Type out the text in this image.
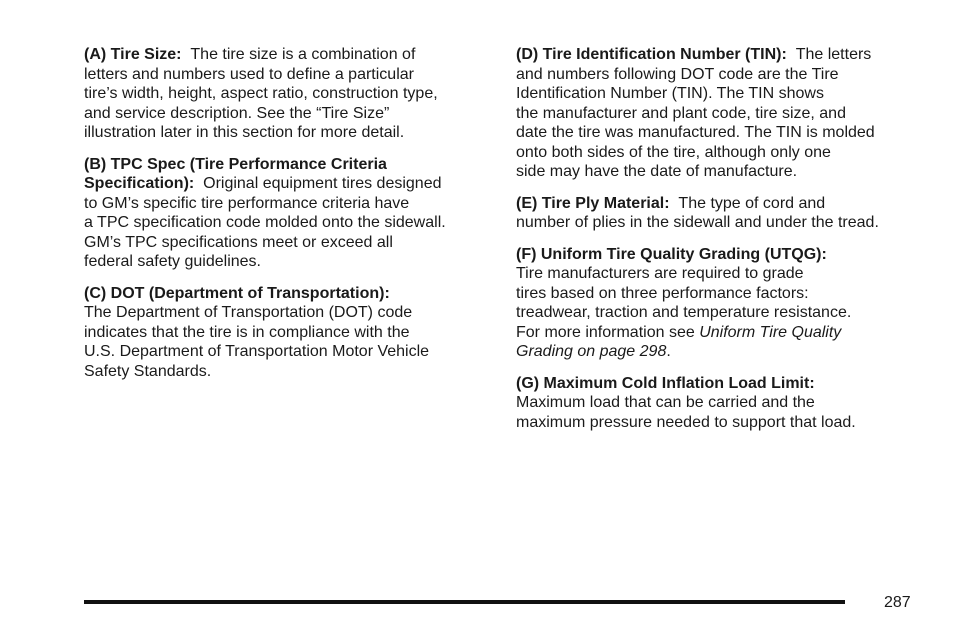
(A) Tire Size: The tire size is a combination of
letters and numbers used to define a particular
tire’s width, height, aspect ratio, construction type,
and service description. See the “Tire Size”
illustration later in this section for more detail.

(B) TPC Spec (Tire Performance Criteria
Specification): Original equipment tires designed
to GM’s specific tire performance criteria have
a TPC specification code molded onto the sidewall.
GM’s TPC specifications meet or exceed all
federal safety guidelines.

(C) DOT (Department of Transportation):
The Department of Transportation (DOT) code
indicates that the tire is in compliance with the
U.S. Department of Transportation Motor Vehicle
Safety Standards.

(D) Tire Identification Number (TIN): The letters
and numbers following DOT code are the Tire
Identification Number (TIN). The TIN shows
the manufacturer and plant code, tire size, and
date the tire was manufactured. The TIN is molded
onto both sides of the tire, although only one
side may have the date of manufacture.

(E) Tire Ply Material: The type of cord and
number of plies in the sidewall and under the tread.

(F) Uniform Tire Quality Grading (UTQG):
Tire manufacturers are required to grade
tires based on three performance factors:
treadwear, traction and temperature resistance.
For more information see Uniform Tire Quality
Grading on page 298.

(G) Maximum Cold Inflation Load Limit:
Maximum load that can be carried and the
maximum pressure needed to support that load.

287
